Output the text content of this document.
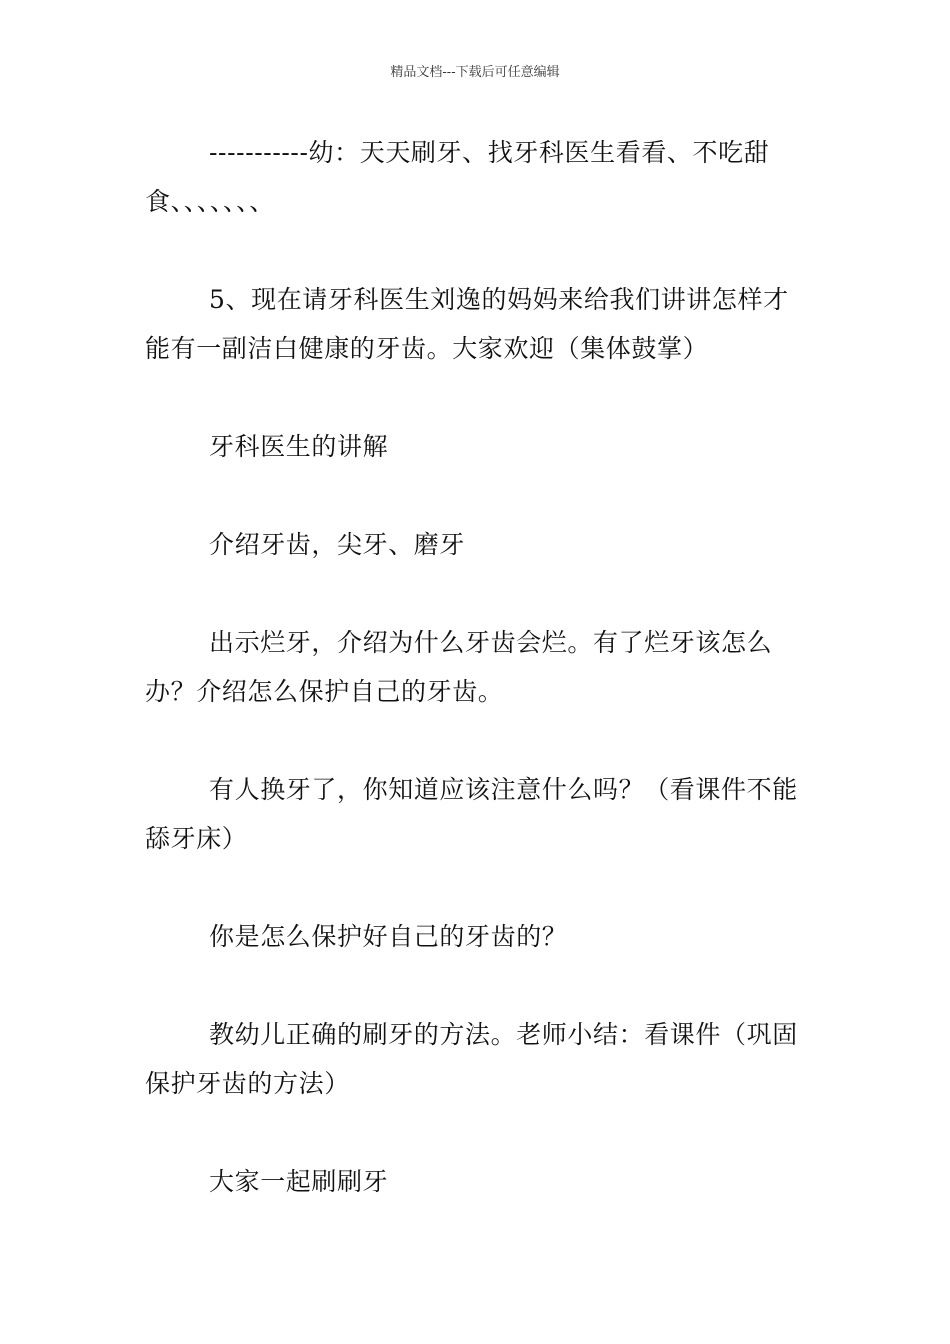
精品文档---下载后可任意编辑

-----------幼：天天刷牙、找牙科医生看看、不吃甜食、、、、、、、

5、现在请牙科医生刘逸的妈妈来给我们讲讲怎样才能有一副洁白健康的牙齿。大家欢迎（集体鼓掌）

牙科医生的讲解

介绍牙齿，尖牙、磨牙

出示烂牙，介绍为什么牙齿会烂。有了烂牙该怎么办？介绍怎么保护自己的牙齿。

有人换牙了，你知道应该注意什么吗？（看课件不能舔牙床）

你是怎么保护好自己的牙齿的？

教幼儿正确的刷牙的方法。老师小结：看课件（巩固保护牙齿的方法）

大家一起刷刷牙
